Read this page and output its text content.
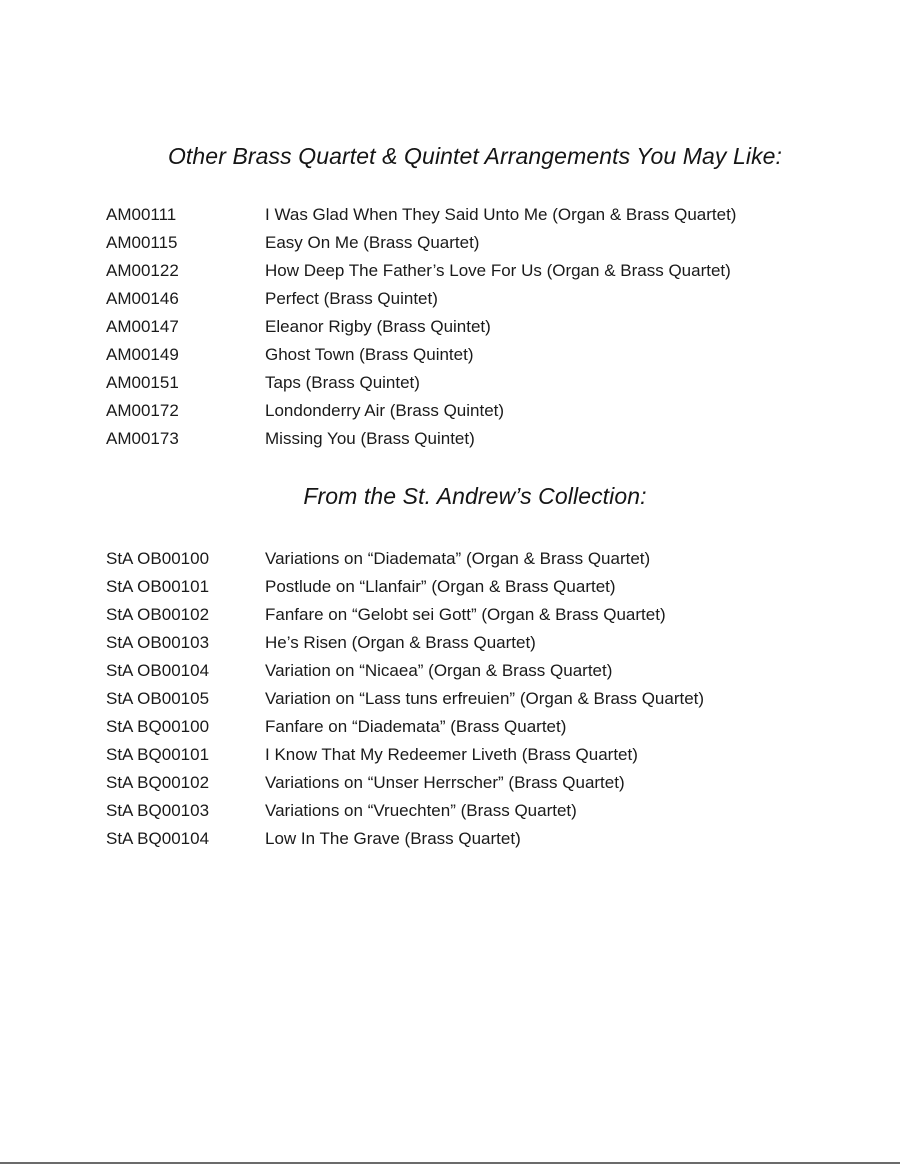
Other Brass Quartet & Quintet Arrangements You May Like:
AM00111	I Was Glad When They Said Unto Me (Organ & Brass Quartet)
AM00115	Easy On Me (Brass Quartet)
AM00122	How Deep The Father’s Love For Us (Organ & Brass Quartet)
AM00146	Perfect (Brass Quintet)
AM00147	Eleanor Rigby (Brass Quintet)
AM00149	Ghost Town (Brass Quintet)
AM00151	Taps (Brass Quintet)
AM00172	Londonderry Air (Brass Quintet)
AM00173	Missing You (Brass Quintet)
From the St. Andrew’s Collection:
StA OB00100	Variations on “Diademata” (Organ & Brass Quartet)
StA OB00101	Postlude on “Llanfair” (Organ & Brass Quartet)
StA OB00102	Fanfare on “Gelobt sei Gott” (Organ & Brass Quartet)
StA OB00103	He’s Risen (Organ & Brass Quartet)
StA OB00104	Variation on “Nicaea” (Organ & Brass Quartet)
StA OB00105	Variation on “Lass tuns erfreuien” (Organ & Brass Quartet)
StA BQ00100	Fanfare on “Diademata” (Brass Quartet)
StA BQ00101	I Know That My Redeemer Liveth (Brass Quartet)
StA BQ00102	Variations on “Unser Herrscher” (Brass Quartet)
StA BQ00103	Variations on “Vruechten” (Brass Quartet)
StA BQ00104	Low In The Grave (Brass Quartet)
